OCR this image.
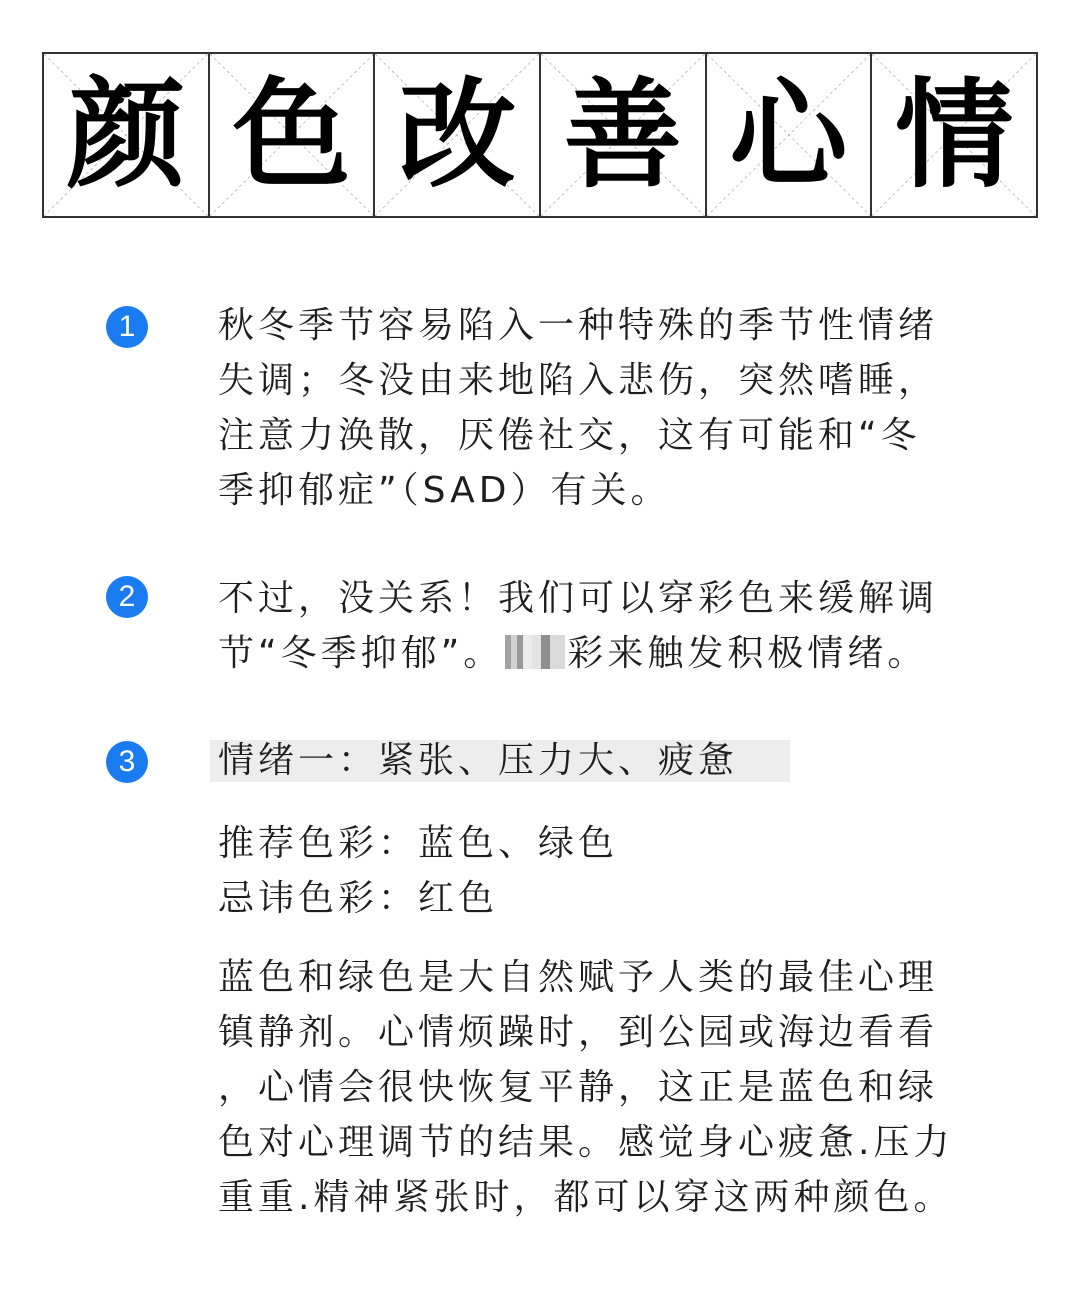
颜 色 改 善 心 情
1	秋冬季节容易陷入一种特殊的季节性情绪
失调；冬没由来地陷入悲伤，突然嗜睡，
注意力涣散，厌倦社交，这有可能和“冬
季抑郁症”（SAD）有关。
2	不过，没关系！我们可以穿彩色来缓解调
节“冬季抑郁”。 彩来触发积极情绪。
3	情绪一：紧张、压力大、疲惫
推荐色彩：蓝色、绿色
忌讳色彩：红色
蓝色和绿色是大自然赋予人类的最佳心理
镇静剂。心情烦躁时，到公园或海边看看
，心情会很快恢复平静，这正是蓝色和绿
色对心理调节的结果。感觉身心疲惫.压力
重重.精神紧张时，都可以穿这两种颜色。
